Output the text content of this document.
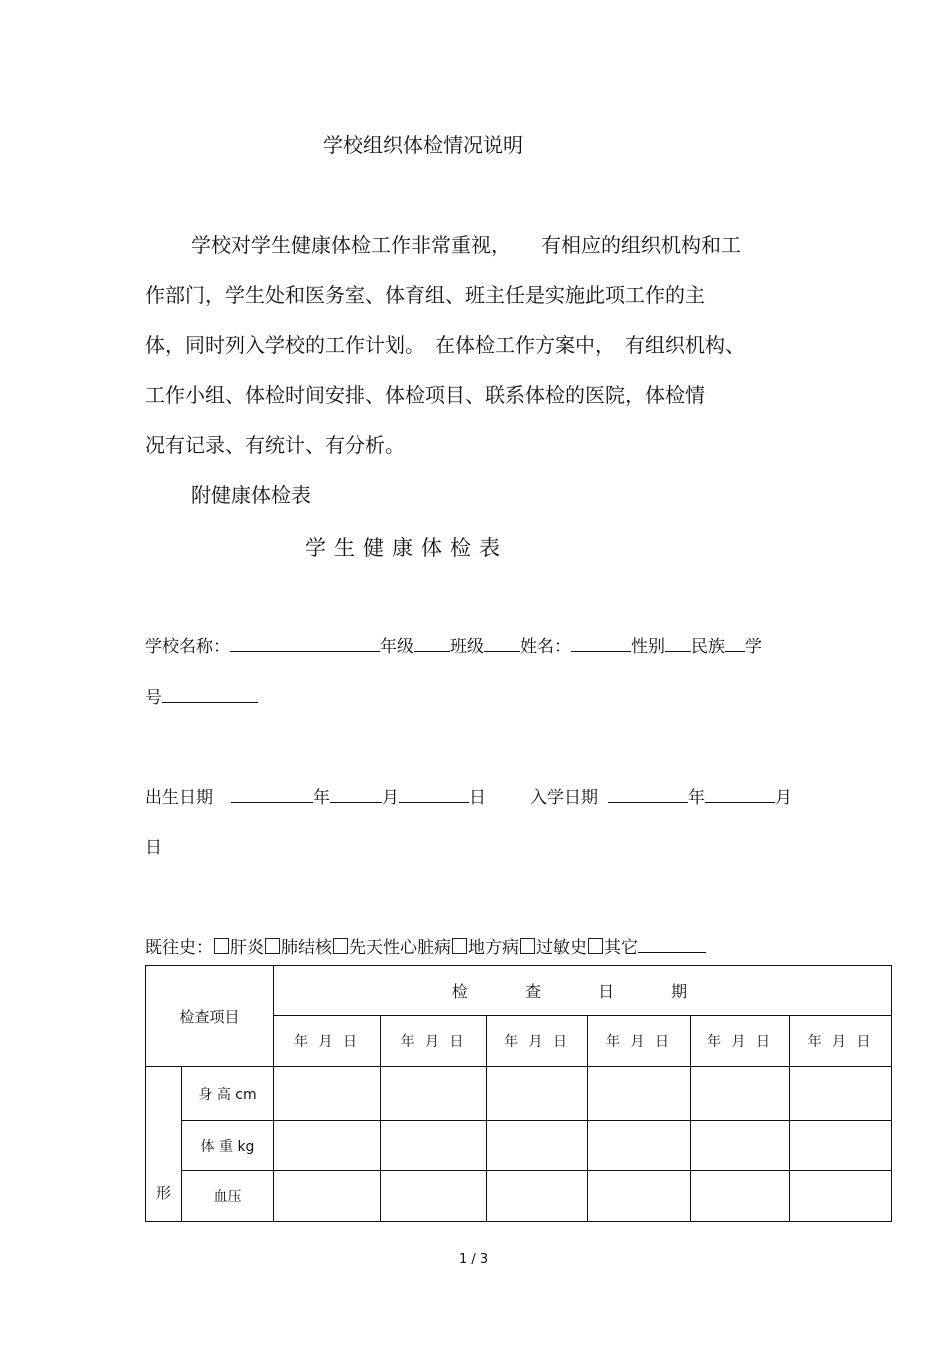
学校组织体检情况说明
学校对学生健康体检工作非常重视，　　有相应的组织机构和工
作部门，学生处和医务室、体育组、班主任是实施此项工作的主
体，同时列入学校的工作计划。　在体检工作方案中，　有组织机构、
工作小组、体检时间安排、体检项目、联系体检的医院，体检情
况有记录、有统计、有分析。
附健康体检表
学生健康体检表
学校名称：	年级 班级 姓名：	性别 民族 学
号
出生日期	年	月	日	入学日期	年	月
日
既往史： 肝炎 肺结核 先天性心脏病 地方病 过敏史 其它
检查项目		检 查 日 期					
		年 月 日	年 月 日	年 月 日	年 月 日	年 月 日	年 月 日
形	身 高 cm						
	体 重 kg						
	血压						
1 / 3
